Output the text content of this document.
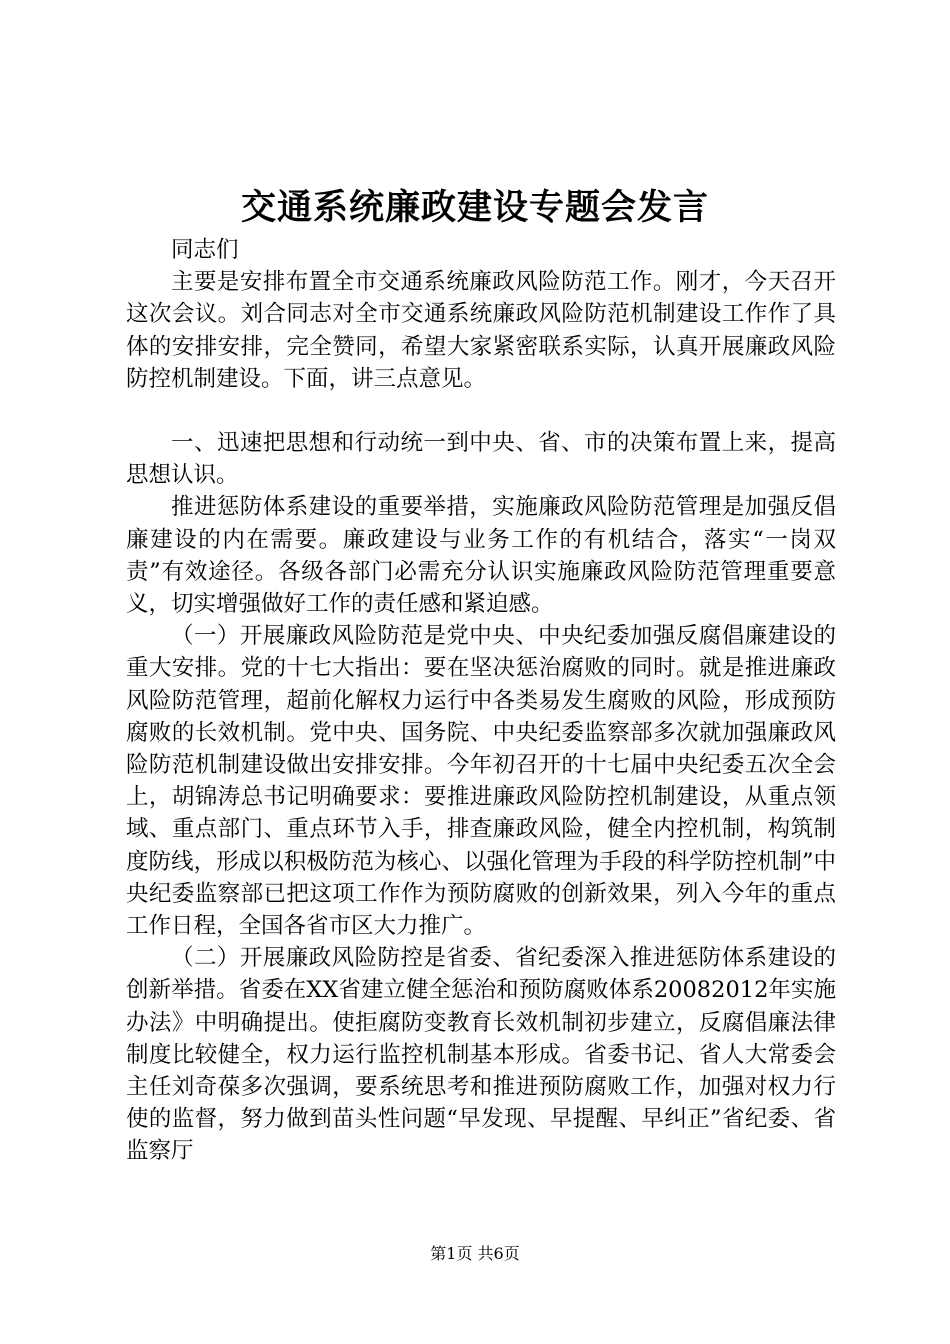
交通系统廉政建设专题会发言

同志们

主要是安排布置全市交通系统廉政风险防范工作。刚才，今天召开这次会议。刘合同志对全市交通系统廉政风险防范机制建设工作作了具体的安排安排，完全赞同，希望大家紧密联系实际，认真开展廉政风险防控机制建设。下面，讲三点意见。

一、迅速把思想和行动统一到中央、省、市的决策布置上来，提高思想认识。

推进惩防体系建设的重要举措，实施廉政风险防范管理是加强反倡廉建设的内在需要。廉政建设与业务工作的有机结合，落实“一岗双责”有效途径。各级各部门必需充分认识实施廉政风险防范管理重要意义，切实增强做好工作的责任感和紧迫感。

（一）开展廉政风险防范是党中央、中央纪委加强反腐倡廉建设的重大安排。党的十七大指出：要在坚决惩治腐败的同时。就是推进廉政风险防范管理，超前化解权力运行中各类易发生腐败的风险，形成预防腐败的长效机制。党中央、国务院、中央纪委监察部多次就加强廉政风险防范机制建设做出安排安排。今年初召开的十七届中央纪委五次全会上，胡锦涛总书记明确要求：要推进廉政风险防控机制建设，从重点领域、重点部门、重点环节入手，排查廉政风险，健全内控机制，构筑制度防线，形成以积极防范为核心、以强化管理为手段的科学防控机制”中央纪委监察部已把这项工作作为预防腐败的创新效果，列入今年的重点工作日程，全国各省市区大力推广。

（二）开展廉政风险防控是省委、省纪委深入推进惩防体系建设的创新举措。省委在XX省建立健全惩治和预防腐败体系20082012年实施办法》中明确提出。使拒腐防变教育长效机制初步建立，反腐倡廉法律制度比较健全，权力运行监控机制基本形成。省委书记、省人大常委会主任刘奇葆多次强调，要系统思考和推进预防腐败工作，加强对权力行使的监督，努力做到苗头性问题“早发现、早提醒、早纠正”省纪委、省监察厅

第1页 共6页
